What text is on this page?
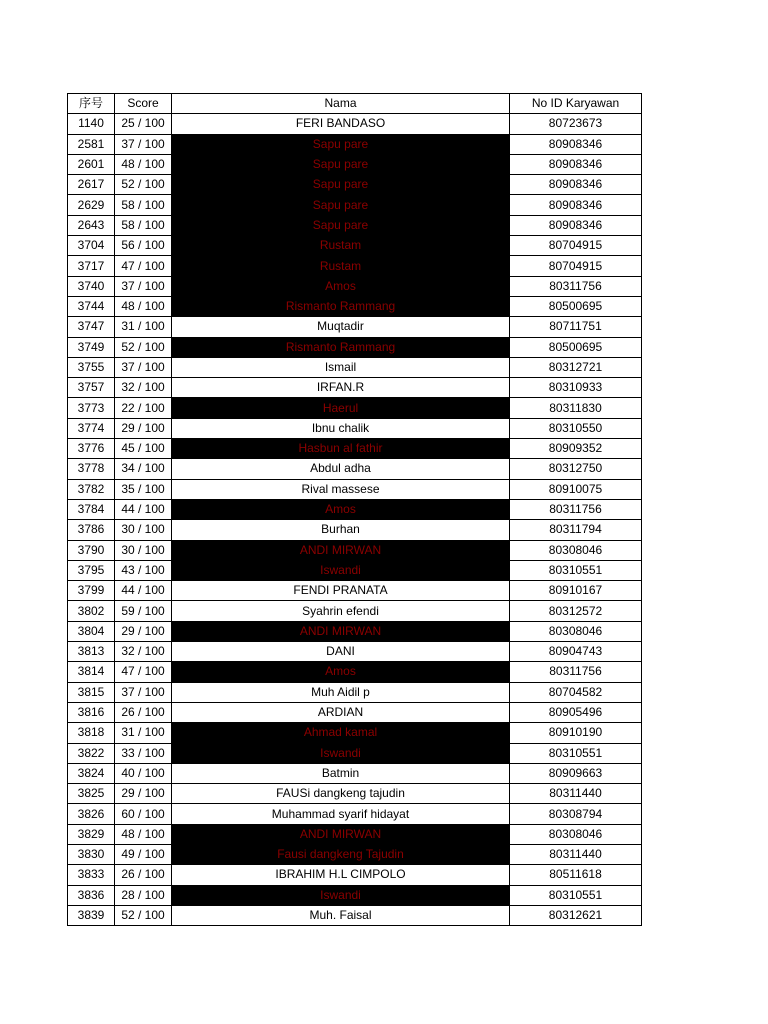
序号	Score	Nama	No ID Karyawan
1140	25 / 100	FERI BANDASO	80723673
2581	37 / 100	Sapu pare	80908346
2601	48 / 100	Sapu pare	80908346
2617	52 / 100	Sapu pare	80908346
2629	58 / 100	Sapu pare	80908346
2643	58 / 100	Sapu pare	80908346
3704	56 / 100	Rustam	80704915
3717	47 / 100	Rustam	80704915
3740	37 / 100	Amos	80311756
3744	48 / 100	Rismanto Rammang	80500695
3747	31 / 100	Muqtadir	80711751
3749	52 / 100	Rismanto Rammang	80500695
3755	37 / 100	Ismail	80312721
3757	32 / 100	IRFAN.R	80310933
3773	22 / 100	Haerul	80311830
3774	29 / 100	Ibnu chalik	80310550
3776	45 / 100	Hasbun al fathir	80909352
3778	34 / 100	Abdul adha	80312750
3782	35 / 100	Rival massese	80910075
3784	44 / 100	Amos	80311756
3786	30 / 100	Burhan	80311794
3790	30 / 100	ANDI MIRWAN	80308046
3795	43 / 100	Iswandi	80310551
3799	44 / 100	FENDI PRANATA	80910167
3802	59 / 100	Syahrin efendi	80312572
3804	29 / 100	ANDI MIRWAN	80308046
3813	32 / 100	DANI	80904743
3814	47 / 100	Amos	80311756
3815	37 / 100	Muh Aidil p	80704582
3816	26 / 100	ARDIAN	80905496
3818	31 / 100	Ahmad kamal	80910190
3822	33 / 100	Iswandi	80310551
3824	40 / 100	Batmin	80909663
3825	29 / 100	FAUSi dangkeng tajudin	80311440
3826	60 / 100	Muhammad syarif hidayat	80308794
3829	48 / 100	ANDI MIRWAN	80308046
3830	49 / 100	Fausi dangkeng Tajudin	80311440
3833	26 / 100	IBRAHIM H.L CIMPOLO	80511618
3836	28 / 100	Iswandi	80310551
3839	52 / 100	Muh. Faisal	80312621
